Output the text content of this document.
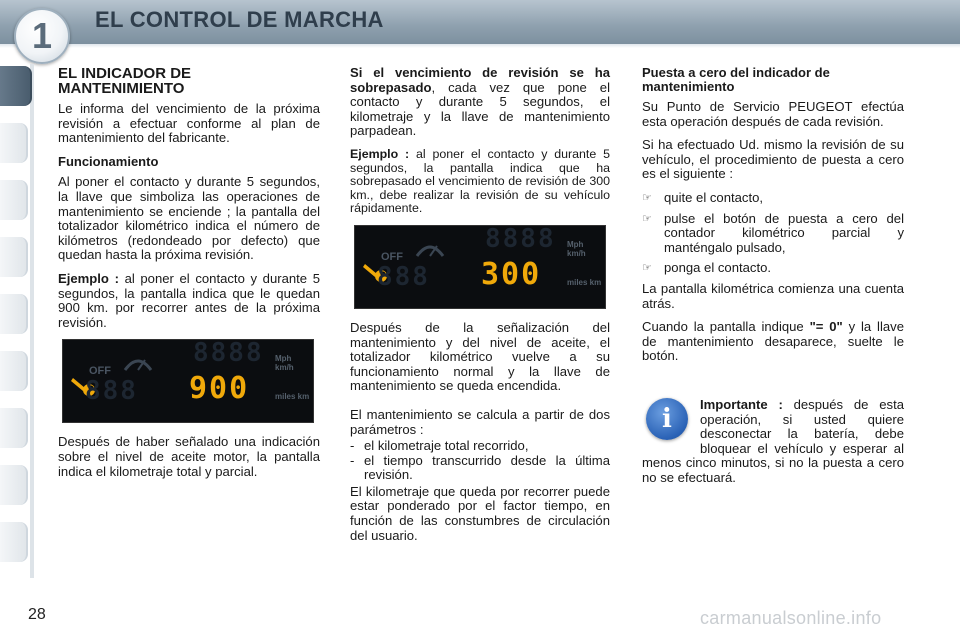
1	EL CONTROL DE MARCHA
EL INDICADOR DE MANTENIMIENTO

Le informa del vencimiento de la próxima revisión a efectuar conforme al plan de mantenimiento del fabricante.

Funcionamiento

Al poner el contacto y durante 5 segundos, la llave que simboliza las operaciones de mantenimiento se enciende ; la pantalla del totalizador kilométrico indica el número de kilómetros (redondeado por defecto) que quedan hasta la próxima revisión.

Ejemplo : al poner el contacto y durante 5 segundos, la pantalla indica que le quedan 900 km. por recorrer antes de la próxima revisión.

OFF
8888 Mph km/h
888 900	miles km

Después de haber señalado una indicación sobre el nivel de aceite motor, la pantalla indica el kilometraje total y parcial.

Si el vencimiento de revisión se ha sobrepasado, cada vez que pone el contacto y durante 5 segundos, el kilometraje y la llave de mantenimiento parpadean.

Ejemplo : al poner el contacto y durante 5 segundos, la pantalla indica que ha sobrepasado el vencimiento de revisión de 300 km., debe realizar la revisión de su vehículo rápidamente.

OFF
8888 Mph km/h
888 300	miles km

Después de la señalización del mantenimiento y del nivel de aceite, el totalizador kilométrico vuelve a su funcionamiento normal y la llave de mantenimiento se queda encendida.

El mantenimiento se calcula a partir de dos parámetros :

- el kilometraje total recorrido,
- el tiempo transcurrido desde la última revisión.

El kilometraje que queda por recorrer puede estar ponderado por el factor tiempo, en función de las constumbres de circulación del usuario.

Puesta a cero del indicador de mantenimiento

Su Punto de Servicio PEUGEOT efectúa esta operación después de cada revisión.

Si ha efectuado Ud. mismo la revisión de su vehículo, el procedimiento de puesta a cero es el siguiente :

☞ quite el contacto,
☞ pulse el botón de puesta a cero del contador kilométrico parcial y manténgalo pulsado,
☞ ponga el contacto.

La pantalla kilométrica comienza una cuenta atrás.

Cuando la pantalla indique "= 0" y la llave de mantenimiento desaparece, suelte le botón.

i	Importante : después de esta operación, si usted quiere desconectar la batería, debe bloquear el vehículo y esperar al menos cinco minutos, si no la puesta a cero no se efectuará.

28	carmanualsonline.info
